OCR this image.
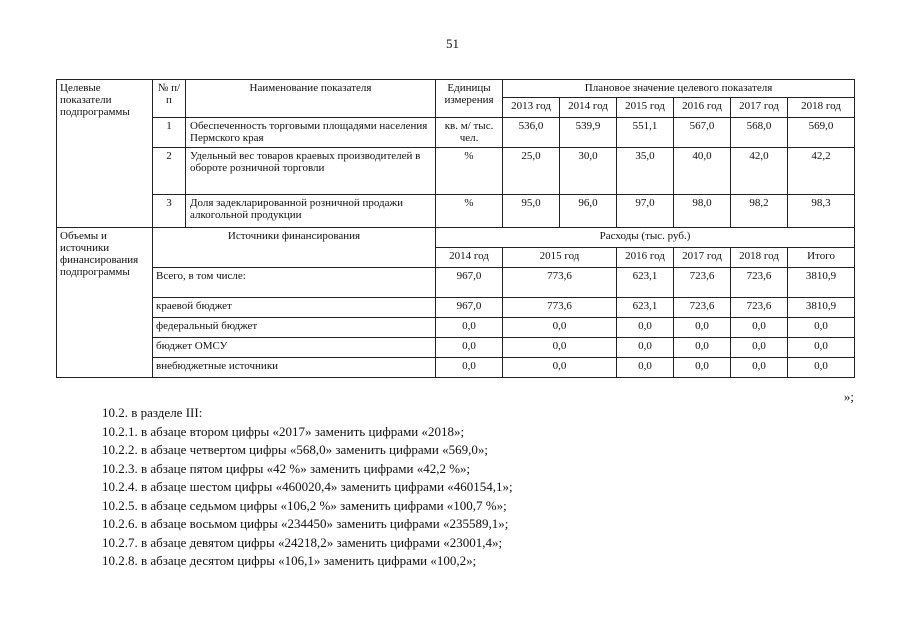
51
Целевые показатели подпрограммы	№ п/п	Наименование показателя	Единицы измерения	Плановое значение целевого показателя					
				2013 год	2014 год	2015 год	2016 год	2017 год	2018 год
	1	Обеспеченность торговыми площадями населения Пермского края	кв. м/ тыс. чел.	536,0	539,9	551,1	567,0	568,0	569,0
	2	Удельный вес товаров краевых производителей в обороте розничной торговли	%	25,0	30,0	35,0	40,0	42,0	42,2
	3	Доля задекларированной розничной продажи алкогольной продукции	%	95,0	96,0	97,0	98,0	98,2	98,3
Объемы и источники финансирования подпрограммы	Источники финансирования		Расходы (тыс. руб.)						
			2014 год	2015 год		2016 год	2017 год	2018 год	Итого
	Всего, в том числе:		967,0	773,6		623,1	723,6	723,6	3810,9
	краевой бюджет		967,0	773,6		623,1	723,6	723,6	3810,9
	федеральный бюджет		0,0	0,0		0,0	0,0	0,0	0,0
	бюджет ОМСУ		0,0	0,0		0,0	0,0	0,0	0,0
	внебюджетные источники		0,0	0,0		0,0	0,0	0,0	0,0
»;
10.2. в разделе III:
10.2.1. в абзаце втором цифры «2017» заменить цифрами «2018»;
10.2.2. в абзаце четвертом цифры «568,0» заменить цифрами «569,0»;
10.2.3. в абзаце пятом цифры «42 %» заменить цифрами «42,2 %»;
10.2.4. в абзаце шестом цифры «460020,4» заменить цифрами «460154,1»;
10.2.5. в абзаце седьмом цифры «106,2 %» заменить цифрами «100,7 %»;
10.2.6. в абзаце восьмом цифры «234450» заменить цифрами «235589,1»;
10.2.7. в абзаце девятом цифры «24218,2» заменить цифрами «23001,4»;
10.2.8. в абзаце десятом цифры «106,1» заменить цифрами «100,2»;
